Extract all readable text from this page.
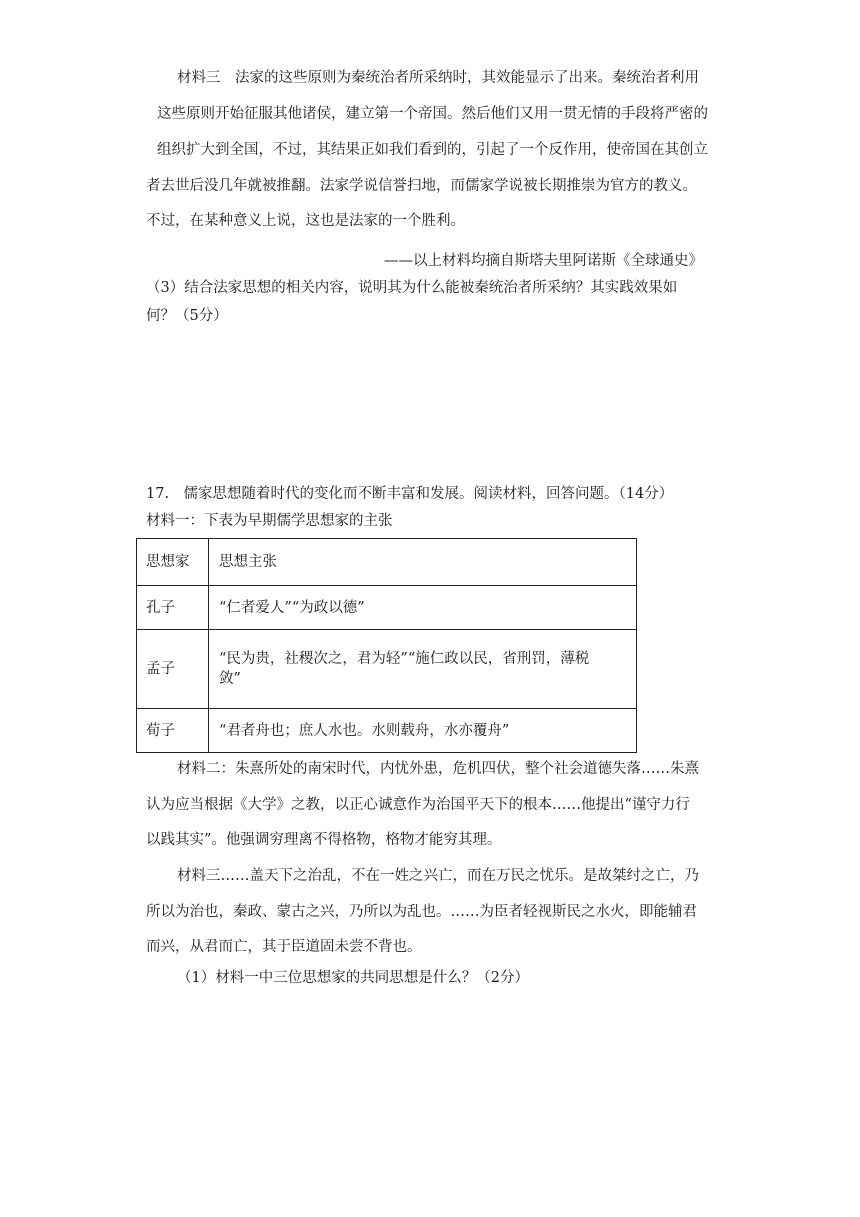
材料三　法家的这些原则为秦统治者所采纳时，其效能显示了出来。秦统治者利用
这些原则开始征服其他诸侯，建立第一个帝国。然后他们又用一贯无情的手段将严密的
组织扩大到全国，不过，其结果正如我们看到的，引起了一个反作用，使帝国在其创立
者去世后没几年就被推翻。法家学说信誉扫地，而儒家学说被长期推崇为官方的教义。
不过，在某种意义上说，这也是法家的一个胜利。
——以上材料均摘自斯塔夫里阿诺斯《全球通史》
（3）结合法家思想的相关内容，说明其为什么能被秦统治者所采纳？其实践效果如
何？（5分）
17.　儒家思想随着时代的变化而不断丰富和发展。阅读材料，回答问题。（14分）
材料一：下表为早期儒学思想家的主张
思想家	思想主张
孔子	“仁者爱人”“为政以德”
孟子	“民为贵，社稷次之，君为轻”“施仁政以民，省刑罚，薄税
敛”

荀子	“君者舟也；庶人水也。水则载舟，水亦覆舟”
材料二：朱熹所处的南宋时代，内忧外患，危机四伏，整个社会道德失落……朱熹
认为应当根据《大学》之教，以正心诚意作为治国平天下的根本……他提出“谨守力行
以践其实”。他强调穷理离不得格物，格物才能穷其理。
材料三……盖天下之治乱，不在一姓之兴亡，而在万民之忧乐。是故桀纣之亡，乃
所以为治也，秦政、蒙古之兴，乃所以为乱也。……为臣者轻视斯民之水火，即能辅君
而兴，从君而亡，其于臣道固未尝不背也。
（1）材料一中三位思想家的共同思想是什么？（2分）
